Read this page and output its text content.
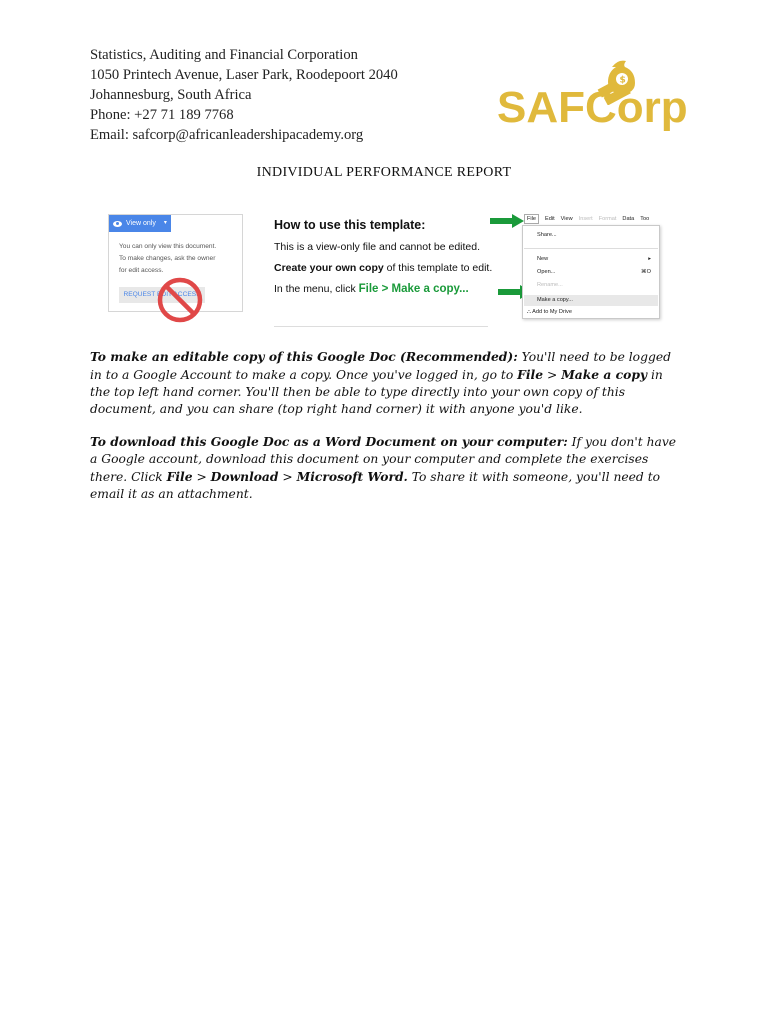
Statistics, Auditing and Financial Corporation
1050 Printech Avenue, Laser Park, Roodepoort 2040
Johannesburg, South Africa
Phone: +27 71 189 7768
Email: safcorp@africanleadershipacademy.org
$
SAFCorp
INDIVIDUAL PERFORMANCE REPORT
View only ▾
You can only view this document.
To make changes, ask the owner
for edit access.
REQUEST EDIT ACCESS
How to use this template:
This is a view-only file and cannot be edited.
Create your own copy of this template to edit.
In the menu, click File > Make a copy...
File	Edit View Insert Format Data Too
Share...
New	▸
Open...	⌘O
Rename...
Make a copy...
⛬ Add to My Drive
To make an editable copy of this Google Doc (Recommended): You'll need to be logged in to a Google Account to make a copy. Once you've logged in, go to File > Make a copy in the top left hand corner. You'll then be able to type directly into your own copy of this document, and you can share (top right hand corner) it with anyone you'd like.
To download this Google Doc as a Word Document on your computer: If you don't have a Google account, download this document on your computer and complete the exercises there. Click File > Download > Microsoft Word. To share it with someone, you'll need to email it as an attachment.
